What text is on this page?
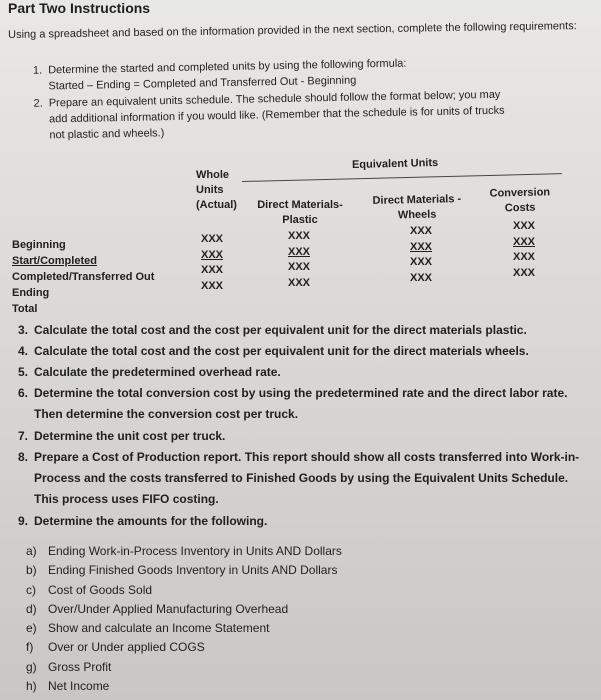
Part Two Instructions
Using a spreadsheet and based on the information provided in the next section, complete the following requirements:
1. Determine the started and completed units by using the following formula:
Started – Ending = Completed and Transferred Out - Beginning
2. Prepare an equivalent units schedule. The schedule should follow the format below; you may
add additional information if you would like. (Remember that the schedule is for units of trucks
not plastic and wheels.)
Whole
Units
(Actual)
Equivalent Units
Direct Materials-
Plastic
Direct Materials -
Wheels
Conversion
Costs
Beginning
Start/Completed
Completed/Transferred Out
Ending
Total
XXX
XXX
XXX
XXX
XXX
XXX
XXX
XXX
XXX
XXX
XXX
XXX
XXX
XXX
XXX
XXX
3. Calculate the total cost and the cost per equivalent unit for the direct materials plastic.
4. Calculate the total cost and the cost per equivalent unit for the direct materials wheels.
5. Calculate the predetermined overhead rate.
6. Determine the total conversion cost by using the predetermined rate and the direct labor rate.
Then determine the conversion cost per truck.
7. Determine the unit cost per truck.
8. Prepare a Cost of Production report. This report should show all costs transferred into Work-in-
Process and the costs transferred to Finished Goods by using the Equivalent Units Schedule.
This process uses FIFO costing.
9. Determine the amounts for the following.
a) Ending Work-in-Process Inventory in Units AND Dollars
b) Ending Finished Goods Inventory in Units AND Dollars
c)	Cost of Goods Sold
d) Over/Under Applied Manufacturing Overhead
e) Show and calculate an Income Statement
f)	Over or Under applied COGS
g) Gross Profit
h) Net Income
